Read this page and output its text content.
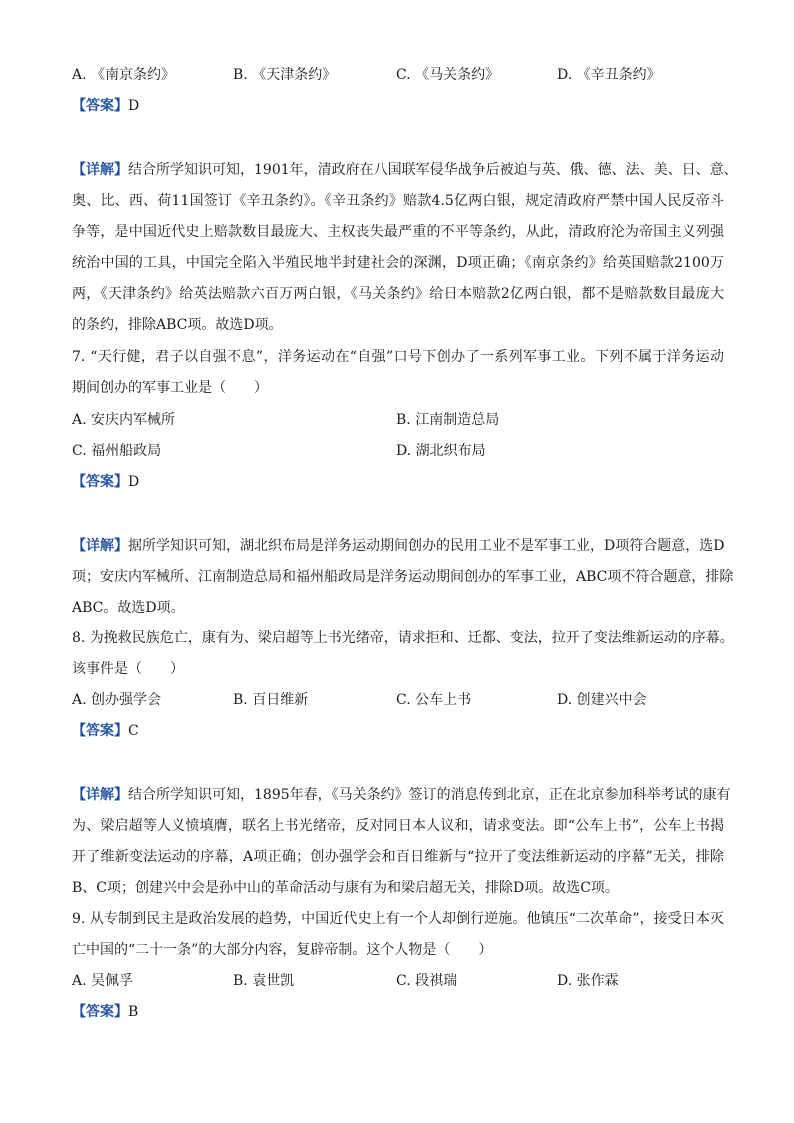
A. 《南京条约》	B. 《天津条约》	C. 《马关条约》	D. 《辛丑条约》
【答案】D
【详解】结合所学知识可知，1901年，清政府在八国联军侵华战争后被迫与英、俄、德、法、美、日、意、
奥、比、西、荷11国签订《辛丑条约》。《辛丑条约》赔款4.5亿两白银，规定清政府严禁中国人民反帝斗
争等，是中国近代史上赔款数目最庞大、主权丧失最严重的不平等条约，从此，清政府沦为帝国主义列强
统治中国的工具，中国完全陷入半殖民地半封建社会的深渊，D项正确；《南京条约》给英国赔款2100万
两，《天津条约》给英法赔款六百万两白银，《马关条约》给日本赔款2亿两白银，都不是赔款数目最庞大
的条约，排除ABC项。故选D项。
7. “天行健，君子以自强不息”，洋务运动在“自强”口号下创办了一系列军事工业。下列不属于洋务运动
期间创办的军事工业是（　　）
A. 安庆内军械所	B. 江南制造总局
C. 福州船政局	D. 湖北织布局
【答案】D
【详解】据所学知识可知，湖北织布局是洋务运动期间创办的民用工业不是军事工业，D项符合题意，选D
项；安庆内军械所、江南制造总局和福州船政局是洋务运动期间创办的军事工业，ABC项不符合题意，排除
ABC。故选D项。
8. 为挽救民族危亡，康有为、梁启超等上书光绪帝，请求拒和、迁都、变法，拉开了变法维新运动的序幕。
该事件是（　　）
A. 创办强学会	B. 百日维新	C. 公车上书	D. 创建兴中会
【答案】C
【详解】结合所学知识可知，1895年春，《马关条约》签订的消息传到北京，正在北京参加科举考试的康有
为、梁启超等人义愤填膺，联名上书光绪帝，反对同日本人议和，请求变法。即“公车上书”，公车上书揭
开了维新变法运动的序幕，A项正确；创办强学会和百日维新与“拉开了变法维新运动的序幕”无关，排除
B、C项；创建兴中会是孙中山的革命活动与康有为和梁启超无关，排除D项。故选C项。
9. 从专制到民主是政治发展的趋势，中国近代史上有一个人却倒行逆施。他镇压“二次革命”，接受日本灭
亡中国的“二十一条”的大部分内容，复辟帝制。这个人物是（　　）
A. 吴佩孚	B. 袁世凯	C. 段祺瑞	D. 张作霖
【答案】B
